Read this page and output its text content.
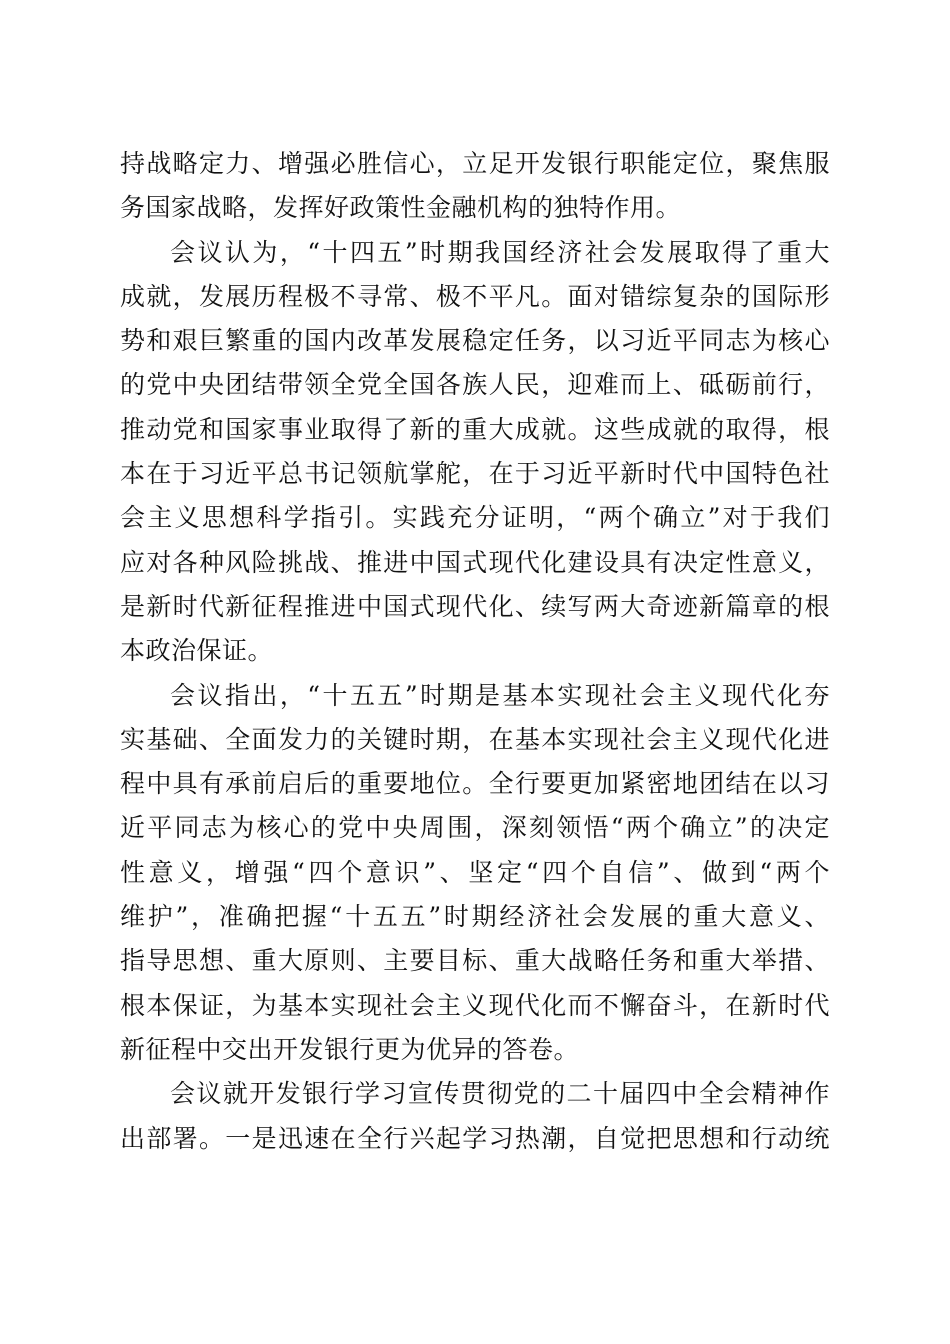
持战略定力、增强必胜信心，立足开发银行职能定位，聚焦服
务国家战略，发挥好政策性金融机构的独特作用。
会议认为，“十四五”时期我国经济社会发展取得了重大
成就，发展历程极不寻常、极不平凡。面对错综复杂的国际形
势和艰巨繁重的国内改革发展稳定任务，以习近平同志为核心
的党中央团结带领全党全国各族人民，迎难而上、砥砺前行，
推动党和国家事业取得了新的重大成就。这些成就的取得，根
本在于习近平总书记领航掌舵，在于习近平新时代中国特色社
会主义思想科学指引。实践充分证明，“两个确立”对于我们
应对各种风险挑战、推进中国式现代化建设具有决定性意义，
是新时代新征程推进中国式现代化、续写两大奇迹新篇章的根
本政治保证。
会议指出，“十五五”时期是基本实现社会主义现代化夯
实基础、全面发力的关键时期，在基本实现社会主义现代化进
程中具有承前启后的重要地位。全行要更加紧密地团结在以习
近平同志为核心的党中央周围，深刻领悟“两个确立”的决定
性意义，增强“四个意识”、坚定“四个自信”、做到“两个
维护”，准确把握“十五五”时期经济社会发展的重大意义、
指导思想、重大原则、主要目标、重大战略任务和重大举措、
根本保证，为基本实现社会主义现代化而不懈奋斗，在新时代
新征程中交出开发银行更为优异的答卷。
会议就开发银行学习宣传贯彻党的二十届四中全会精神作
出部署。一是迅速在全行兴起学习热潮，自觉把思想和行动统
